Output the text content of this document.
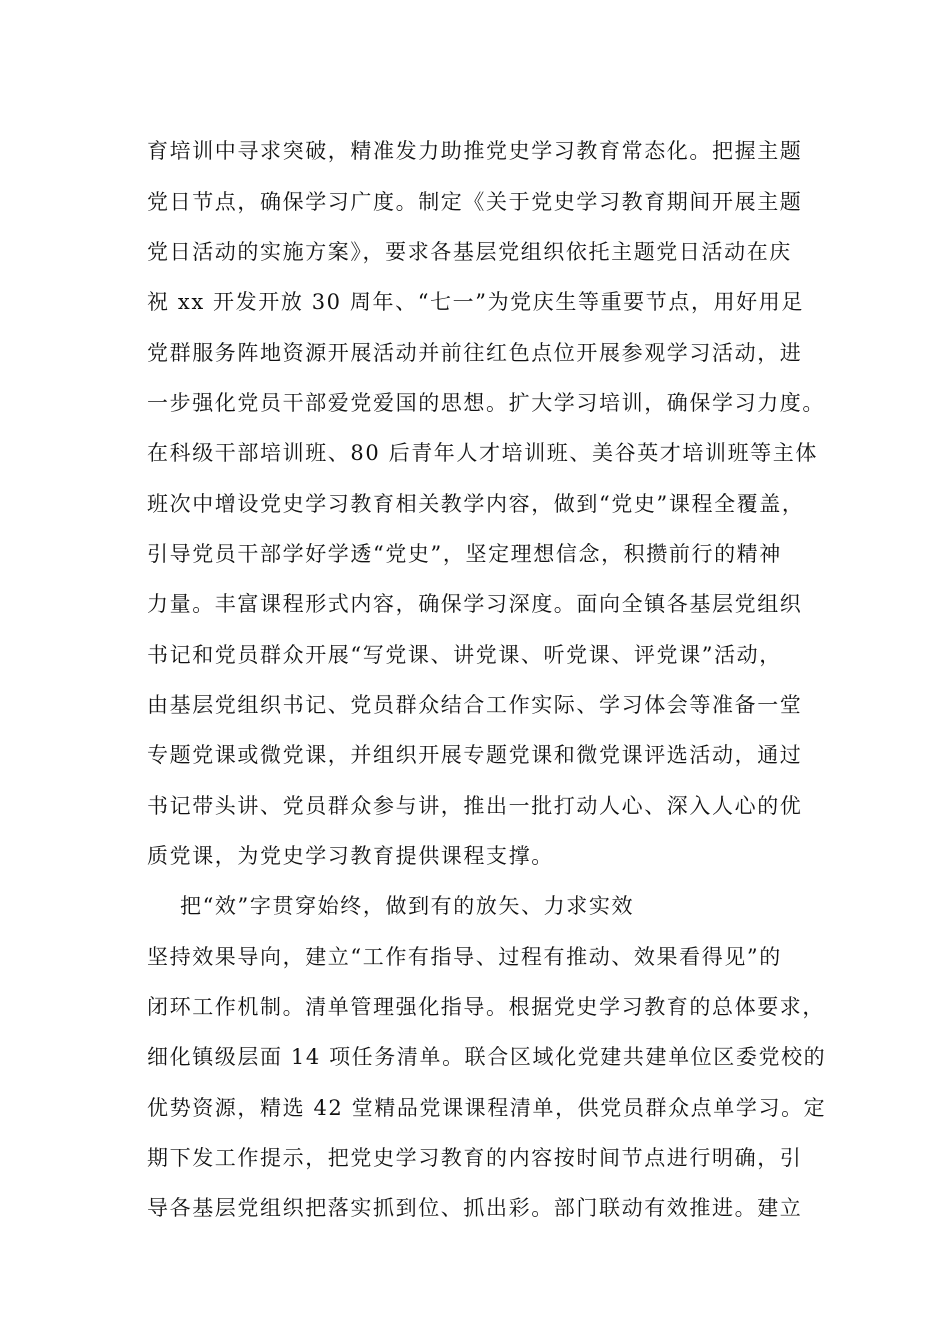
育培训中寻求突破，精准发力助推党史学习教育常态化。把握主题
党日节点，确保学习广度。制定《关于党史学习教育期间开展主题
党日活动的实施方案》，要求各基层党组织依托主题党日活动在庆
祝 xx 开发开放 30 周年、“七一”为党庆生等重要节点，用好用足
党群服务阵地资源开展活动并前往红色点位开展参观学习活动，进
一步强化党员干部爱党爱国的思想。扩大学习培训，确保学习力度。
在科级干部培训班、80 后青年人才培训班、美谷英才培训班等主体
班次中增设党史学习教育相关教学内容，做到“党史”课程全覆盖，
引导党员干部学好学透“党史”，坚定理想信念，积攒前行的精神
力量。丰富课程形式内容，确保学习深度。面向全镇各基层党组织
书记和党员群众开展“写党课、讲党课、听党课、评党课”活动，
由基层党组织书记、党员群众结合工作实际、学习体会等准备一堂
专题党课或微党课，并组织开展专题党课和微党课评选活动，通过
书记带头讲、党员群众参与讲，推出一批打动人心、深入人心的优
质党课，为党史学习教育提供课程支撑。
把“效”字贯穿始终，做到有的放矢、力求实效
坚持效果导向，建立“工作有指导、过程有推动、效果看得见”的
闭环工作机制。清单管理强化指导。根据党史学习教育的总体要求，
细化镇级层面 14 项任务清单。联合区域化党建共建单位区委党校的
优势资源，精选 42 堂精品党课课程清单，供党员群众点单学习。定
期下发工作提示，把党史学习教育的内容按时间节点进行明确，引
导各基层党组织把落实抓到位、抓出彩。部门联动有效推进。建立
